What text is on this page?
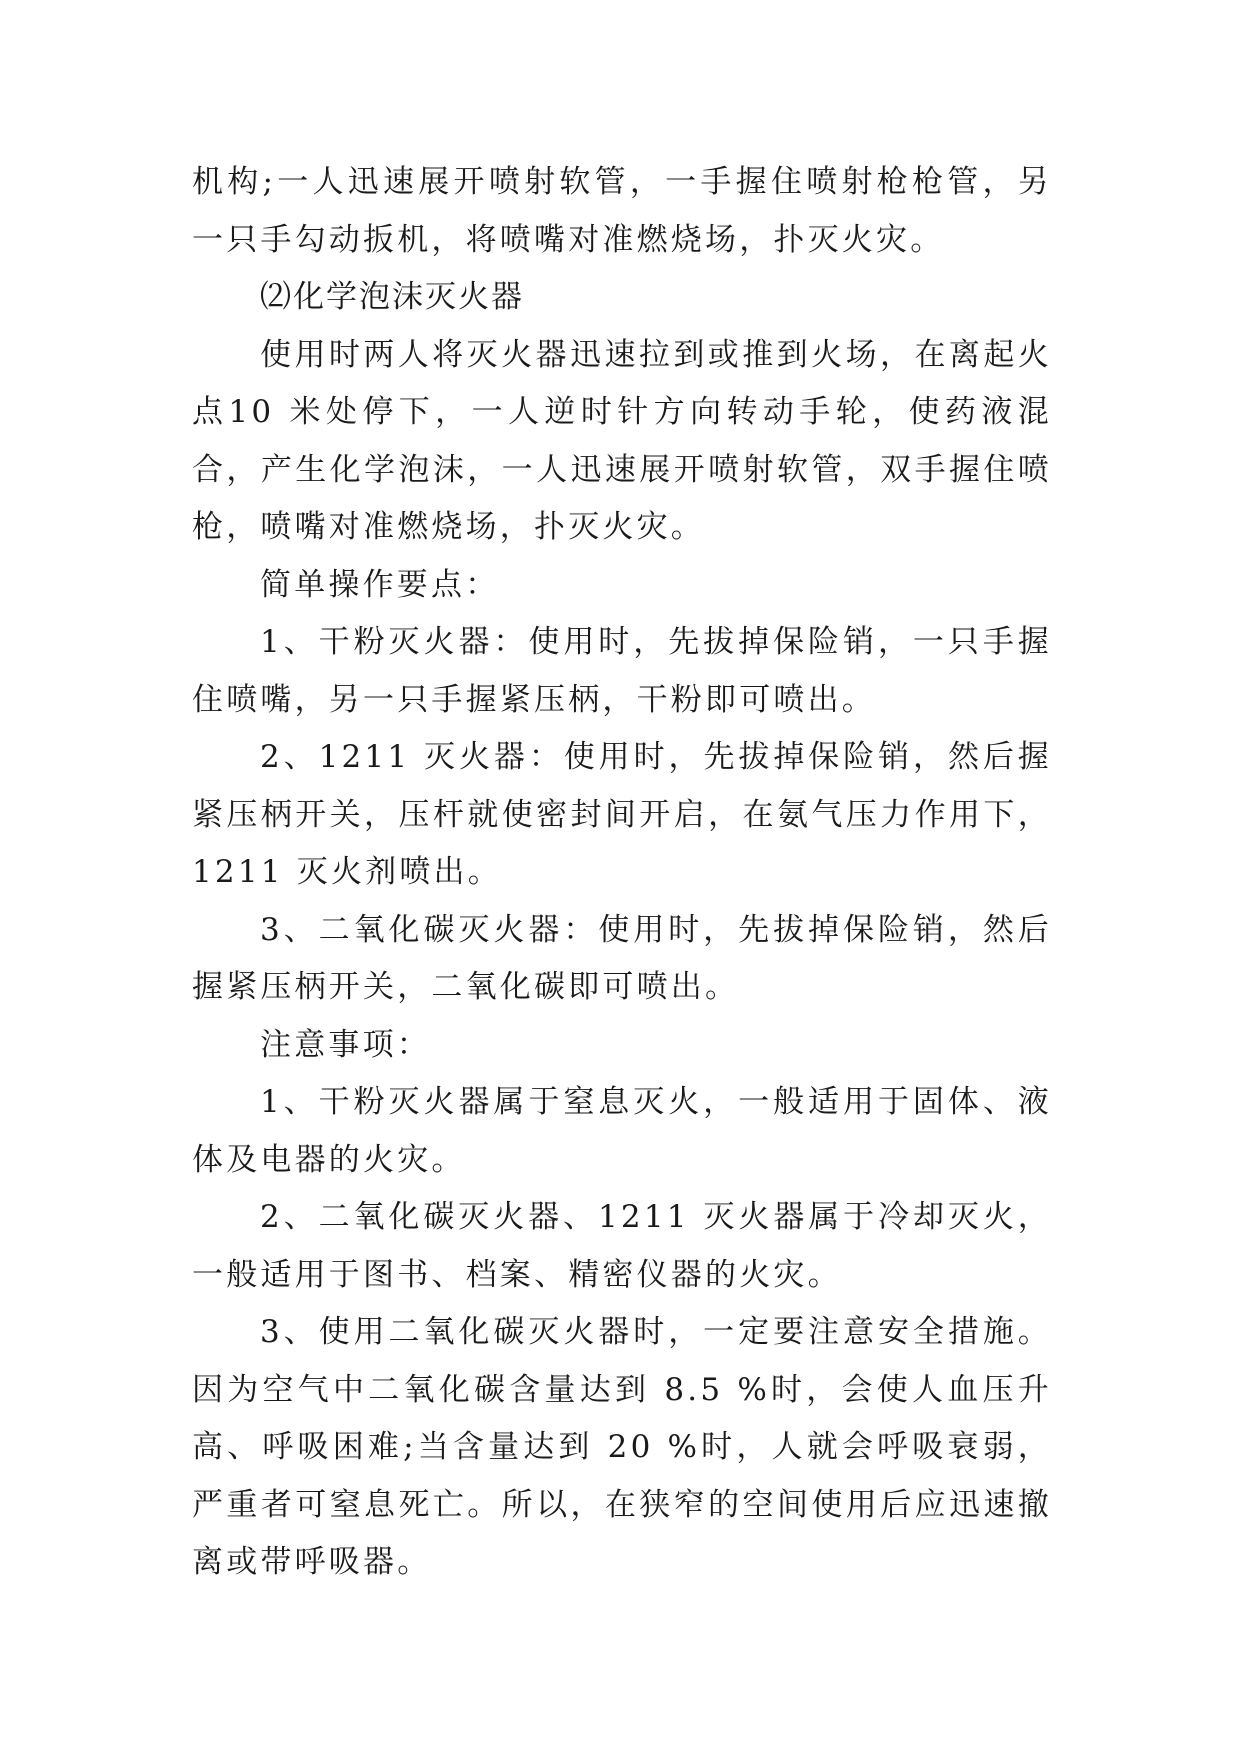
机构;一人迅速展开喷射软管，一手握住喷射枪枪管，另一只手勾动扳机，将喷嘴对准燃烧场，扑灭火灾。

⑵化学泡沫灭火器

使用时两人将灭火器迅速拉到或推到火场，在离起火点10 米处停下，一人逆时针方向转动手轮，使药液混合，产生化学泡沫，一人迅速展开喷射软管，双手握住喷枪，喷嘴对准燃烧场，扑灭火灾。

简单操作要点：

1、干粉灭火器：使用时，先拔掉保险销，一只手握住喷嘴，另一只手握紧压柄，干粉即可喷出。

2、1211 灭火器：使用时，先拔掉保险销，然后握紧压柄开关，压杆就使密封间开启，在氨气压力作用下，1211 灭火剂喷出。

3、二氧化碳灭火器：使用时，先拔掉保险销，然后握紧压柄开关，二氧化碳即可喷出。

注意事项：

1、干粉灭火器属于窒息灭火，一般适用于固体、液体及电器的火灾。

2、二氧化碳灭火器、1211 灭火器属于冷却灭火，一般适用于图书、档案、精密仪器的火灾。

3、使用二氧化碳灭火器时，一定要注意安全措施。因为空气中二氧化碳含量达到 8.5 %时，会使人血压升高、呼吸困难;当含量达到 20 %时，人就会呼吸衰弱，严重者可窒息死亡。所以，在狭窄的空间使用后应迅速撤离或带呼吸器。
